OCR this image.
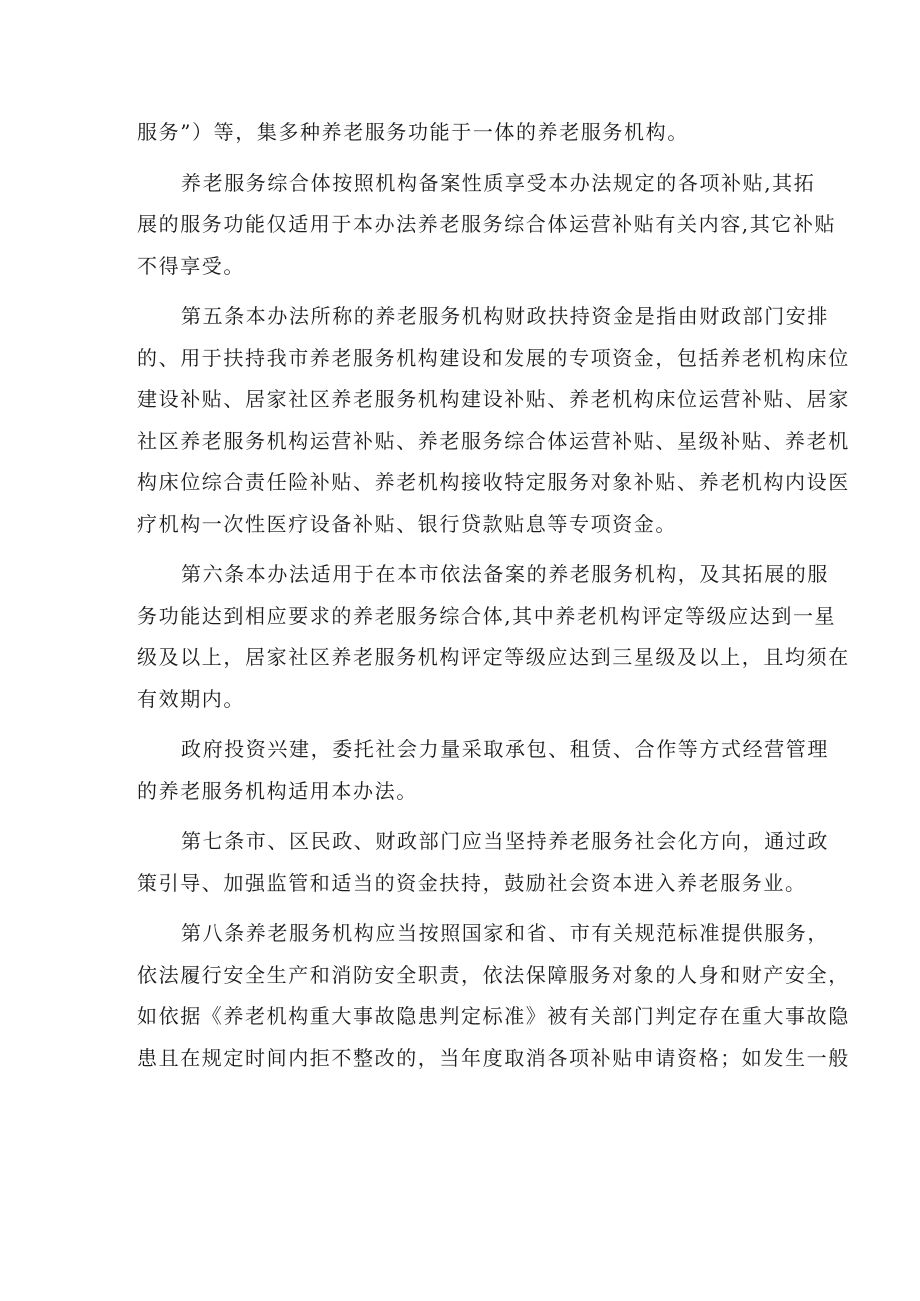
服务”）等，集多种养老服务功能于一体的养老服务机构。
养老服务综合体按照机构备案性质享受本办法规定的各项补贴,其拓
展的服务功能仅适用于本办法养老服务综合体运营补贴有关内容,其它补贴
不得享受。
第五条本办法所称的养老服务机构财政扶持资金是指由财政部门安排
的、用于扶持我市养老服务机构建设和发展的专项资金，包括养老机构床位
建设补贴、居家社区养老服务机构建设补贴、养老机构床位运营补贴、居家
社区养老服务机构运营补贴、养老服务综合体运营补贴、星级补贴、养老机
构床位综合责任险补贴、养老机构接收特定服务对象补贴、养老机构内设医
疗机构一次性医疗设备补贴、银行贷款贴息等专项资金。
第六条本办法适用于在本市依法备案的养老服务机构，及其拓展的服
务功能达到相应要求的养老服务综合体,其中养老机构评定等级应达到一星
级及以上，居家社区养老服务机构评定等级应达到三星级及以上，且均须在
有效期内。
政府投资兴建，委托社会力量采取承包、租赁、合作等方式经营管理
的养老服务机构适用本办法。
第七条市、区民政、财政部门应当坚持养老服务社会化方向，通过政
策引导、加强监管和适当的资金扶持，鼓励社会资本进入养老服务业。
第八条养老服务机构应当按照国家和省、市有关规范标准提供服务，
依法履行安全生产和消防安全职责，依法保障服务对象的人身和财产安全，
如依据《养老机构重大事故隐患判定标准》被有关部门判定存在重大事故隐
患且在规定时间内拒不整改的，当年度取消各项补贴申请资格；如发生一般
